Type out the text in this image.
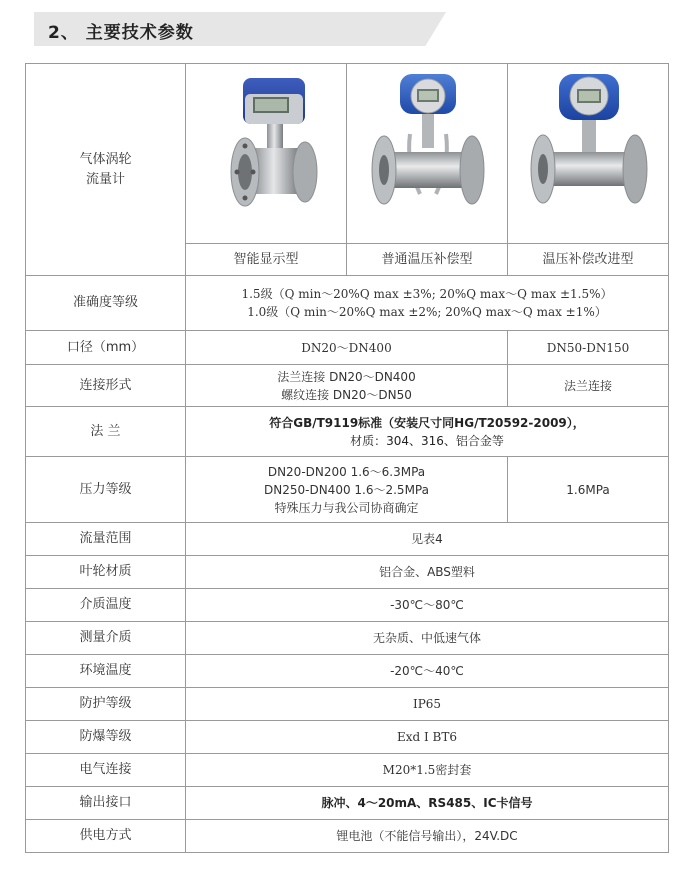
2、 主要技术参数
气体涡轮
流量计

	智能显示型	普通温压补偿型	温压补偿改进型
准确度等级	1.5级（Q min～20%Q max ±3%; 20%Q max～Q max ±1.5%）
1.0级（Q min～20%Q max ±2%; 20%Q max～Q max ±1%）		

口径（mm）	DN20～DN400		DN50-DN150
连接形式	法兰连接 DN20～DN400
螺纹连接 DN20～DN50		法兰连接
法 兰	符合GB/T9119标准（安装尺寸同HG/T20592-2009），
材质：304、316、铝合金等		

压力等级	DN20-DN200 1.6～6.3MPa
DN250-DN400 1.6～2.5MPa
特殊压力与我公司协商确定		1.6MPa
流量范围	见表4		
叶轮材质	铝合金、ABS塑料		
介质温度	-30℃～80℃		
测量介质	无杂质、中低速气体		
环境温度	-20℃～40℃		
防护等级	IP65		
防爆等级	Exd I BT6		
电气连接	M20*1.5密封套		
输出接口	脉冲、4～20mA、RS485、IC卡信号		
供电方式	锂电池（不能信号输出），24V.DC		
